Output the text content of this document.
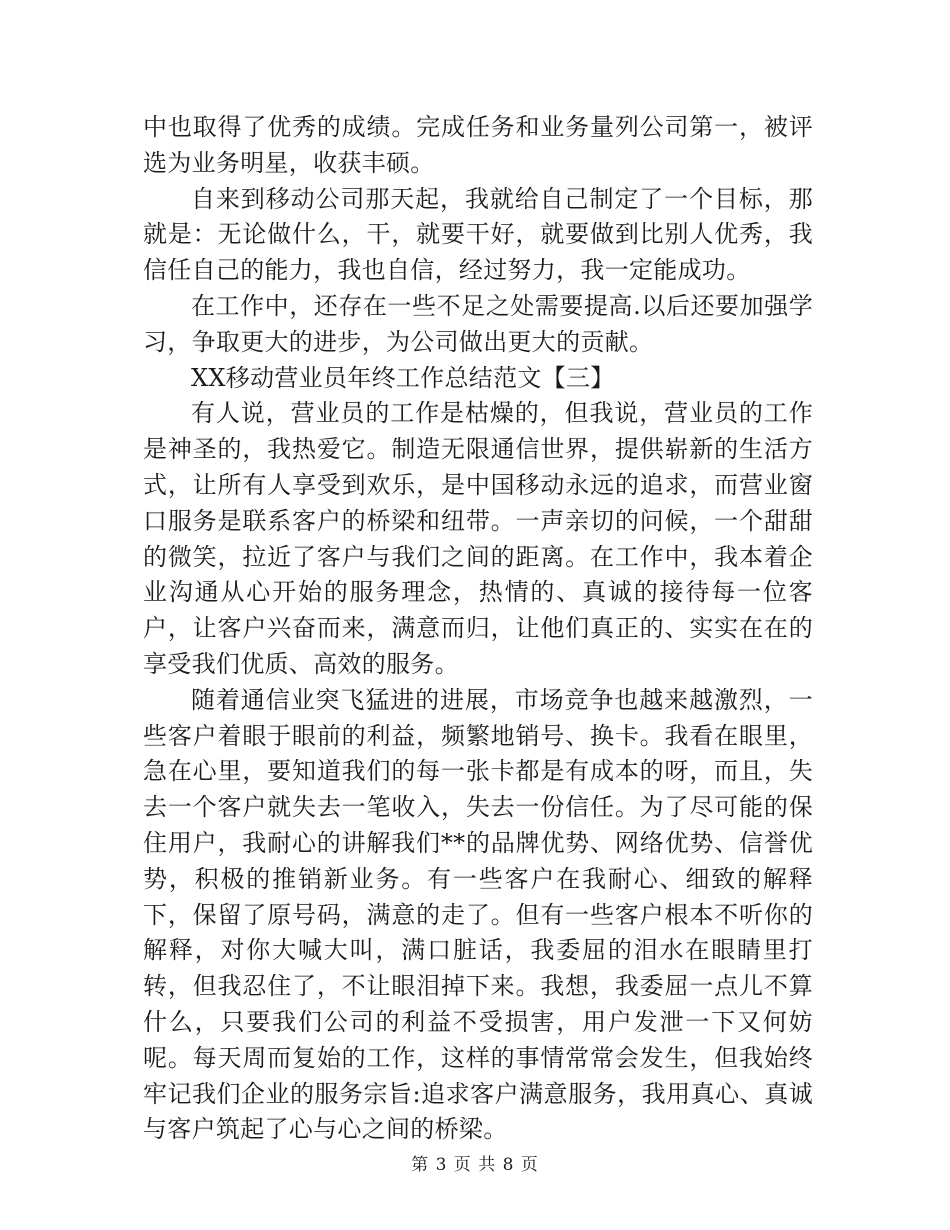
中也取得了优秀的成绩。完成任务和业务量列公司第一，被评选为业务明星，收获丰硕。

自来到移动公司那天起，我就给自己制定了一个目标，那就是：无论做什么，干，就要干好，就要做到比别人优秀，我信任自己的能力，我也自信，经过努力，我一定能成功。

在工作中，还存在一些不足之处需要提高.以后还要加强学习，争取更大的进步，为公司做出更大的贡献。

XX移动营业员年终工作总结范文【三】

有人说，营业员的工作是枯燥的，但我说，营业员的工作是神圣的，我热爱它。制造无限通信世界，提供崭新的生活方式，让所有人享受到欢乐，是中国移动永远的追求，而营业窗口服务是联系客户的桥梁和纽带。一声亲切的问候，一个甜甜的微笑，拉近了客户与我们之间的距离。在工作中，我本着企业沟通从心开始的服务理念，热情的、真诚的接待每一位客户，让客户兴奋而来，满意而归，让他们真正的、实实在在的享受我们优质、高效的服务。

随着通信业突飞猛进的进展，市场竞争也越来越激烈，一些客户着眼于眼前的利益，频繁地销号、换卡。我看在眼里，急在心里，要知道我们的每一张卡都是有成本的呀，而且，失去一个客户就失去一笔收入，失去一份信任。为了尽可能的保住用户，我耐心的讲解我们**的品牌优势、网络优势、信誉优势，积极的推销新业务。有一些客户在我耐心、细致的解释下，保留了原号码，满意的走了。但有一些客户根本不听你的解释，对你大喊大叫，满口脏话，我委屈的泪水在眼睛里打转，但我忍住了，不让眼泪掉下来。我想，我委屈一点儿不算什么，只要我们公司的利益不受损害，用户发泄一下又何妨呢。每天周而复始的工作，这样的事情常常会发生，但我始终牢记我们企业的服务宗旨:追求客户满意服务，我用真心、真诚与客户筑起了心与心之间的桥梁。

第 3 页 共 8 页
